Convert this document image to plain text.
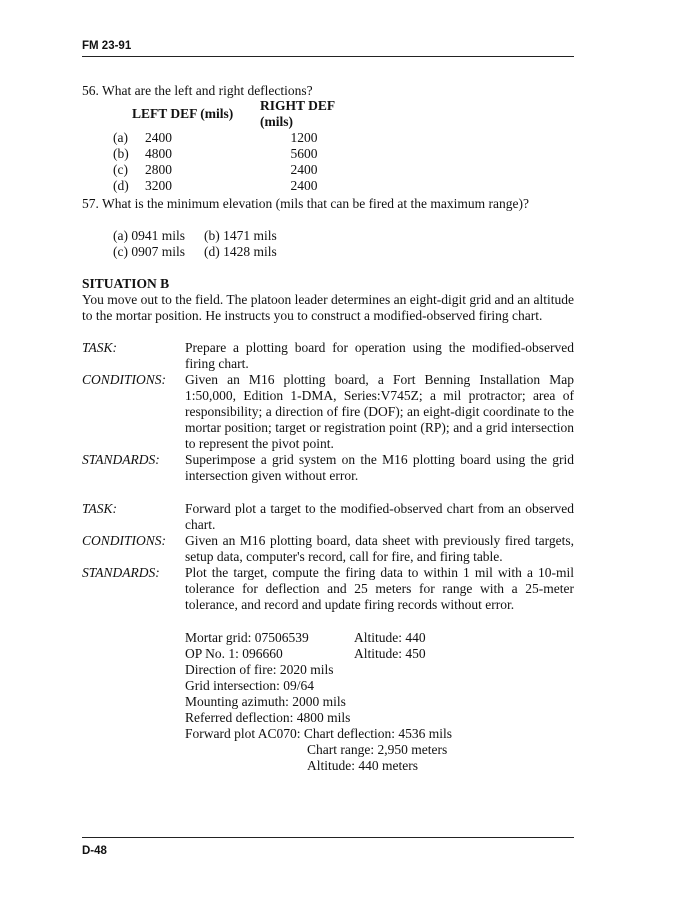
FM 23-91
56. What are the left and right deflections?
LEFT DEF (mils)		RIGHT DEF (mils)
(a)	2400	1200
(b)	4800	5600
(c)	2800	2400
(d)	3200	2400
57. What is the minimum elevation (mils that can be fired at the maximum range)?
(a) 0941 mils (b) 1471 mils
(c) 0907 mils (d) 1428 mils
SITUATION B
You move out to the field. The platoon leader determines an eight-digit grid and an altitude to the mortar position. He instructs you to construct a modified-observed firing chart.
TASK:	Prepare a plotting board for operation using the modified-observed firing chart.
CONDITIONS: Given an M16 plotting board, a Fort Benning Installation Map 1:50,000, Edition 1-DMA, Series:V745Z; a mil protractor; area of responsibility; a direction of fire (DOF); an eight-digit coordinate to the mortar position; target or registration point (RP); and a grid intersection to represent the pivot point.
STANDARDS: Superimpose a grid system on the M16 plotting board using the grid intersection given without error.
TASK:	Forward plot a target to the modified-observed chart from an observed chart.
CONDITIONS: Given an M16 plotting board, data sheet with previously fired targets, setup data, computer's record, call for fire, and firing table.
STANDARDS: Plot the target, compute the firing data to within 1 mil with a 10-mil tolerance for deflection and 25 meters for range with a 25-meter tolerance, and record and update firing records without error.
Mortar grid: 07506539	Altitude: 440
OP No. 1: 096660	Altitude: 450
Direction of fire: 2020 mils
Grid intersection: 09/64
Mounting azimuth: 2000 mils
Referred deflection: 4800 mils
Forward plot AC070: Chart deflection: 4536 mils
Chart range: 2,950 meters
Altitude: 440 meters
D-48
